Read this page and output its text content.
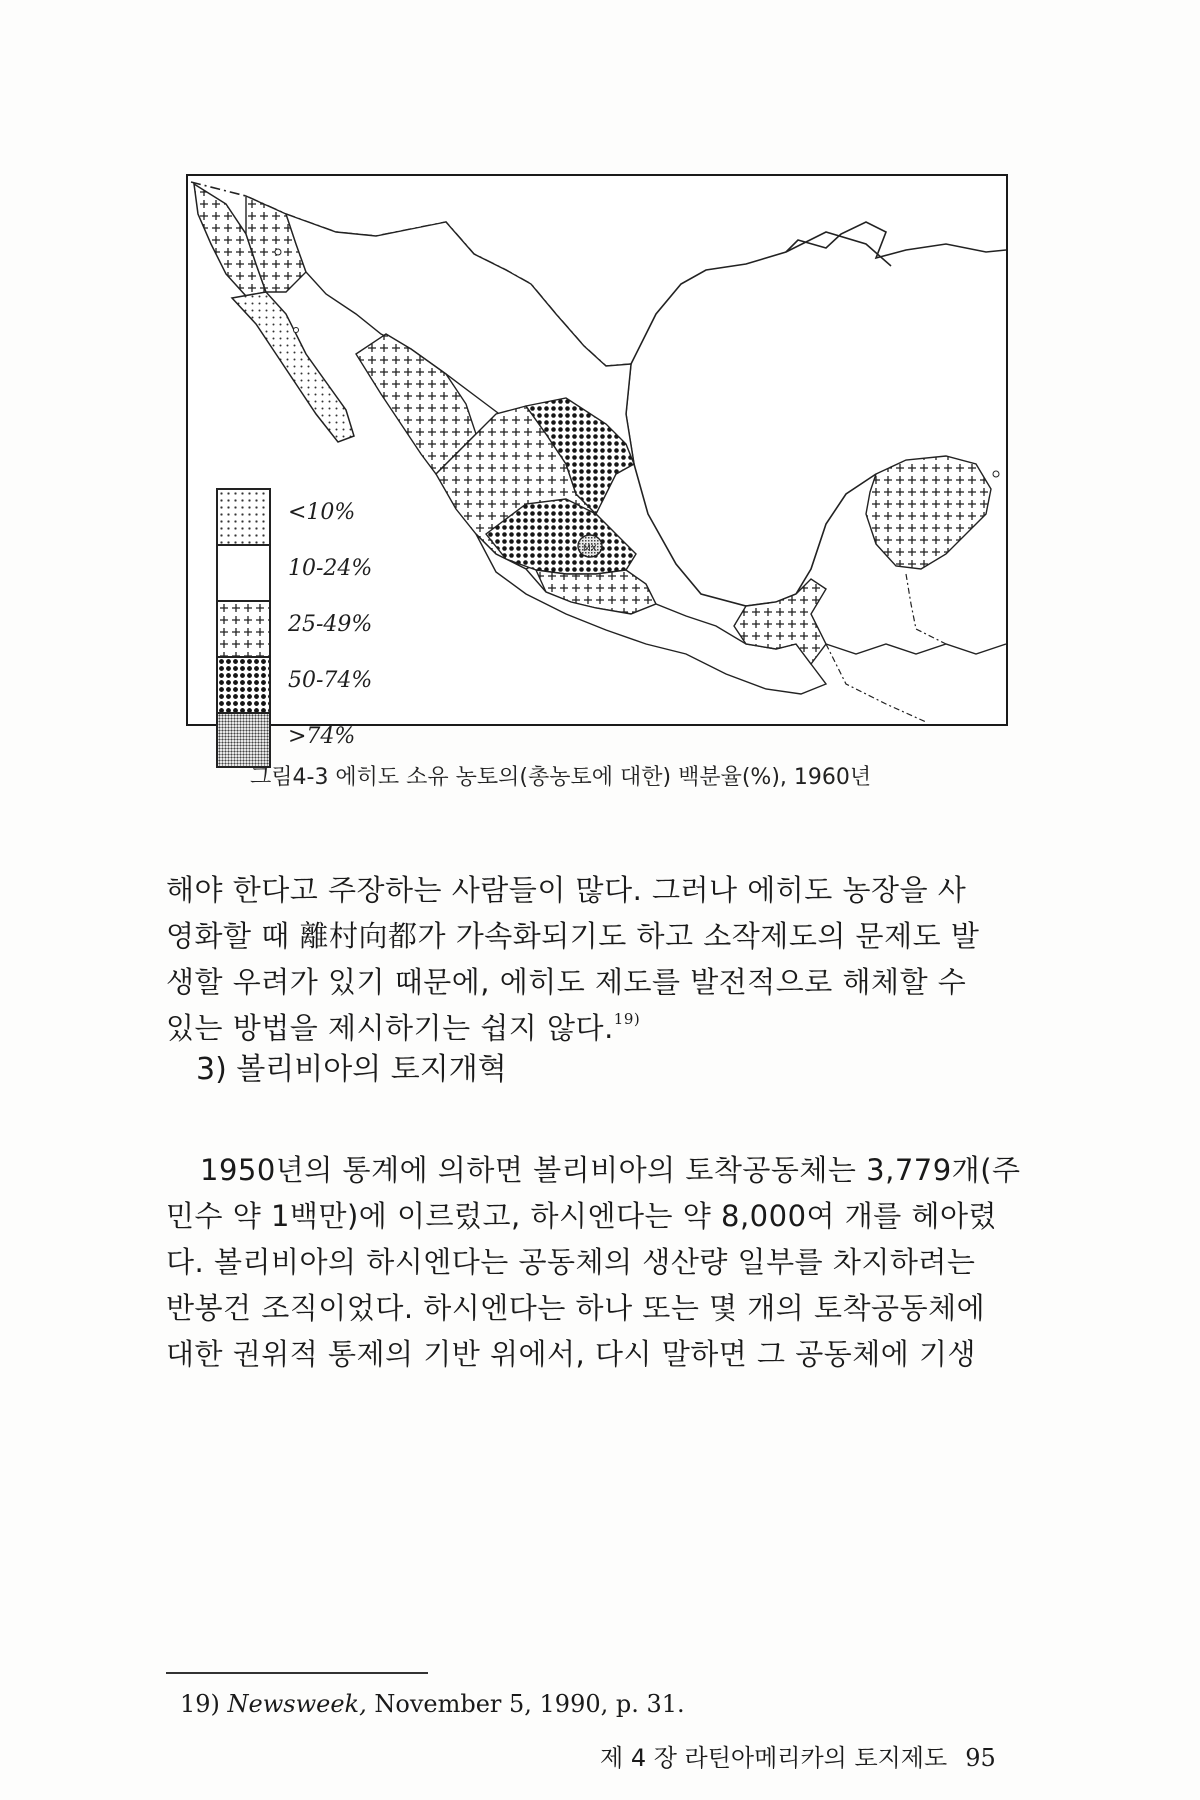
MX
<10%
10-24%
25-49%
50-74%
>74%
그림4-3 에히도 소유 농토의(총농토에 대한) 백분율(%), 1960년
해야 한다고 주장하는 사람들이 많다. 그러나 에히도 농장을 사
영화할 때 離村向都가 가속화되기도 하고 소작제도의 문제도 발
생할 우려가 있기 때문에, 에히도 제도를 발전적으로 해체할 수
있는 방법을 제시하기는 쉽지 않다.$^{19)}$
3) 볼리비아의 토지개혁
1950년의 통계에 의하면 볼리비아의 토착공동체는 3,779개(주
민수 약 1백만)에 이르렀고, 하시엔다는 약 8,000여 개를 헤아렸
다. 볼리비아의 하시엔다는 공동체의 생산량 일부를 차지하려는
반봉건 조직이었다. 하시엔다는 하나 또는 몇 개의 토착공동체에
대한 권위적 통제의 기반 위에서, 다시 말하면 그 공동체에 기생
19) Newsweek, November 5, 1990, p. 31.
제 4 장 라틴아메리카의 토지제도 95
